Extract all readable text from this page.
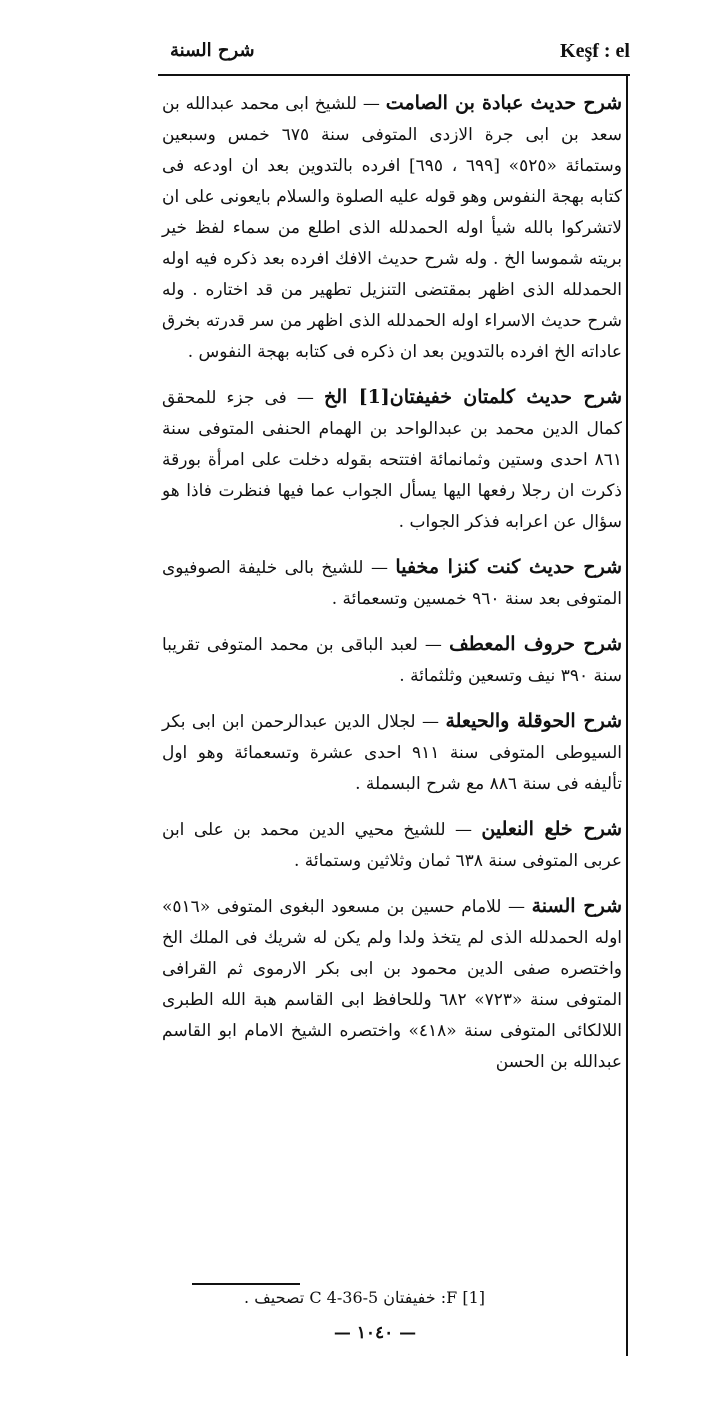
Keşf : el
شرح السنة

شرح حديث عبادة بن الصامت — للشيخ ابى محمد عبدالله بن سعد بن ابى جرة الازدى المتوفى سنة ٦٧٥ خمس وسبعين وستمائة «٥٢٥» [٦٩٩ ، ٦٩٥] افرده بالتدوين بعد ان اودعه فى كتابه بهجة النفوس وهو قوله عليه الصلوة والسلام بايعونى على ان لاتشركوا بالله شيأ اوله الحمدلله الذى اطلع من سماء لفظ خير بريته شموسا الخ . وله شرح حديث الافك افرده بعد ذكره فيه اوله الحمدلله الذى اظهر بمقتضى التنزيل تطهير من قد اختاره . وله شرح حديث الاسراء اوله الحمدلله الذى اظهر من سر قدرته بخرق عاداته الخ افرده بالتدوين بعد ان ذكره فى كتابه بهجة النفوس .

شرح حديث كلمتان خفيفتان[1] الخ — فى جزء للمحقق كمال الدين محمد بن عبدالواحد بن الهمام الحنفى المتوفى سنة ٨٦١ احدى وستين وثمانمائة افتتحه بقوله دخلت على امرأة بورقة ذكرت ان رجلا رفعها اليها يسأل الجواب عما فيها فنظرت فاذا هو سؤال عن اعرابه فذكر الجواب .

شرح حديث كنت كنزا مخفيا — للشيخ بالى خليفة الصوفيوى المتوفى بعد سنة ٩٦٠ خمسين وتسعمائة .

شرح حروف المعطف — لعبد الباقى بن محمد المتوفى تقريبا سنة ٣٩٠ نيف وتسعين وثلثمائة .

شرح الحوقلة والحيعلة — لجلال الدين عبدالرحمن ابن ابى بكر السيوطى المتوفى سنة ٩١١ احدى عشرة وتسعمائة وهو اول تأليفه فى سنة ٨٨٦ مع شرح البسملة .

شرح خلع النعلين — للشيخ محيي الدين محمد بن على ابن عربى المتوفى سنة ٦٣٨ ثمان وثلاثين وستمائة .

شرح السنة — للامام حسين بن مسعود البغوى المتوفى «٥١٦» اوله الحمدلله الذى لم يتخذ ولدا ولم يكن له شريك فى الملك الخ واختصره صفى الدين محمود بن ابى بكر الارموى ثم القرافى المتوفى سنة «٧٢٣» ٦٨٢ وللحافظ ابى القاسم هبة الله الطبرى اللالكائى المتوفى سنة «٤١٨» واختصره الشيخ الامام ابو القاسم عبدالله بن الحسن

[1] F: خفيفتان C 4-36-5 تصحيف .
— ١٠٤٠ —
